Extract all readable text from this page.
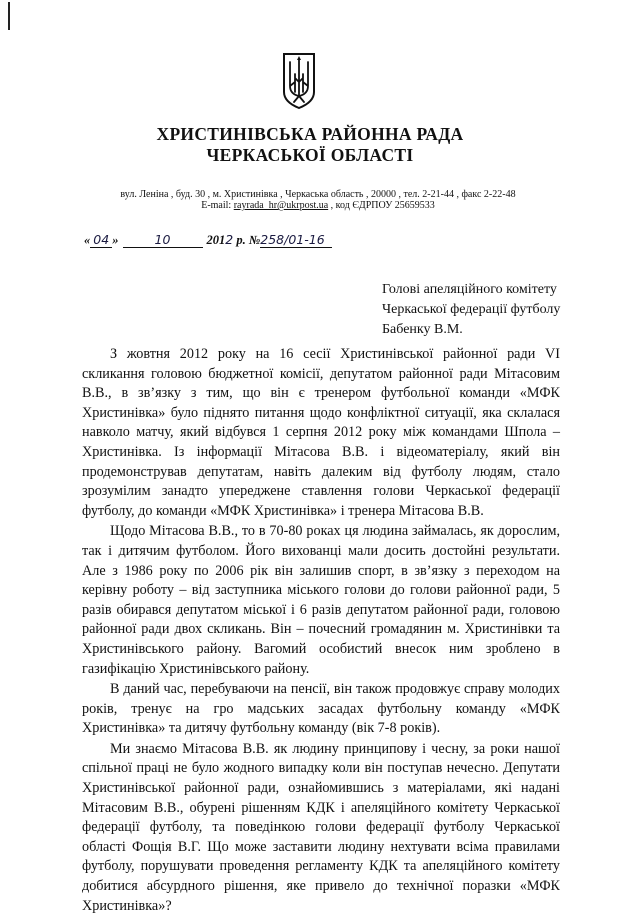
ХРИСТИНІВСЬКА РАЙОННА РАДА
ЧЕРКАСЬКОЇ ОБЛАСТІ
вул. Леніна , буд. 30 , м. Христинівка , Черкаська область , 20000 , тел. 2-21-44 , факс 2-22-48
E-mail: rayrada_hr@ukrpost.ua , код ЄДРПОУ 25659533
« 04 »	10	2012 р. №258/01-16
Голові апеляційного комітету
Черкаської федерації футболу
Бабенку В.М.

З жовтня 2012 року на 16 сесії Христинівської районної ради VI скликання головою бюджетної комісії, депутатом районної ради Мітасовим В.В., в зв’язку з тим, що він є тренером футбольної команди «МФК Христинівка» було піднято питання щодо конфліктної ситуації, яка склалася навколо матчу, який відбувся 1 серпня 2012 року між командами Шпола – Христинівка. Із інформації Мітасова В.В. і відеоматеріалу, який він продемонстрував депутатам, навіть далеким від футболу людям, стало зрозумілим занадто упереджене ставлення голови Черкаської федерації футболу, до команди «МФК Христинівка» і тренера Мітасова В.В.

Щодо Мітасова В.В., то в 70-80 роках ця людина займалась, як дорослим, так і дитячим футболом. Його вихованці мали досить достойні результати. Але з 1986 року по 2006 рік він залишив спорт, в зв’язку з переходом на керівну роботу – від заступника міського голови до голови районної ради, 5 разів обирався депутатом міської і 6 разів депутатом районної ради, головою районної ради двох скликань. Він – почесний громадянин м. Христинівки та Христинівського району. Вагомий особистий внесок ним зроблено в газифікацію Христинівського району.

В даний час, перебуваючи на пенсії, він також продовжує справу молодих років, тренує на гро мадських засадах футбольну команду «МФК Христинівка» та дитячу футбольну команду (вік 7-8 років).

Ми знаємо Мітасова В.В. як людину принципову і чесну, за роки нашої спільної праці не було жодного випадку коли він поступав нечесно. Депутати Христинівської районної ради, ознайомившись з матеріалами, які надані Мітасовим В.В., обурені рішенням КДК і апеляційного комітету Черкаської федерації футболу, та поведінкою голови федерації футболу Черкаської області Фощія В.Г. Що може заставити людину нехтувати всіма правилами футболу, порушувати проведення регламенту КДК та апеляційного комітету добитися абсурдного рішення, яке привело до технічної поразки «МФК Христинівка»?
